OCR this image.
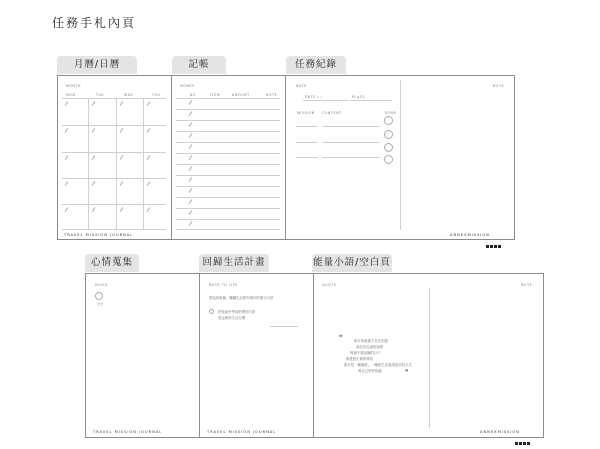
任務手札內頁
月曆/日曆	記帳	任務紀錄
MONTH
MON	TUE	WED	THU
TRAVEL MISSION JOURNAL
MONEY
NO	ITEM	AMOUNT	NOTE
DATE	NOTE
DATE / /	PLACE
MISSION CONTENT	DONE
ANNEXMISSION
心情蒐集	回歸生活計畫	能量小語/空白頁
MOOD
今天
TRAVEL MISSION JOURNAL
BACK TO LIFE
寫給回來後，繼續生活的你與你的旅行日常
把旅途中學到的帶回日常
設定新的生活目標
TRAVEL MISSION JOURNAL
QUOTE	NOTE
❝	旅行的意義不在於到達
而在於沿途的風景
每個不曾起舞的日子
都是對生命的辜負
旅行是一種態度，一種把生活過得更好的方式
與自己好好相處	❞
ANNEXMISSION
